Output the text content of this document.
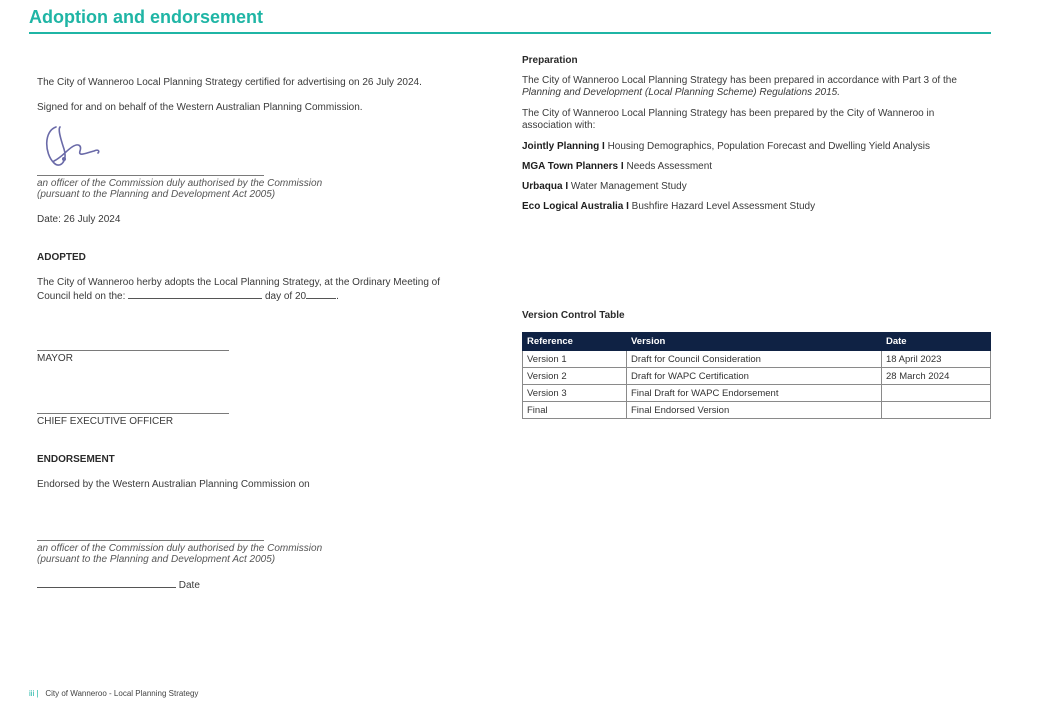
Adoption and endorsement
The City of Wanneroo Local Planning Strategy certified for advertising on 26 July 2024.
Signed for and on behalf of the Western Australian Planning Commission.
an officer of the Commission duly authorised by the Commission
(pursuant to the Planning and Development Act 2005)
Date: 26 July 2024
ADOPTED
The City of Wanneroo herby adopts the Local Planning Strategy, at the Ordinary Meeting of
Council held on the:	day of 20	.
MAYOR
CHIEF EXECUTIVE OFFICER
ENDORSEMENT
Endorsed by the Western Australian Planning Commission on
an officer of the Commission duly authorised by the Commission
(pursuant to the Planning and Development Act 2005)
Date
Preparation
The City of Wanneroo Local Planning Strategy has been prepared in accordance with Part 3 of the
Planning and Development (Local Planning Scheme) Regulations 2015.
The City of Wanneroo Local Planning Strategy has been prepared by the City of Wanneroo in
association with:
Jointly Planning I Housing Demographics, Population Forecast and Dwelling Yield Analysis
MGA Town Planners I Needs Assessment
Urbaqua I Water Management Study
Eco Logical Australia I Bushfire Hazard Level Assessment Study
Version Control Table
Reference	Version	Date
Version 1	Draft for Council Consideration	18 April 2023
Version 2	Draft for WAPC Certification	28 March 2024
Version 3	Final Draft for WAPC Endorsement	
Final	Final Endorsed Version	
iii | City of Wanneroo - Local Planning Strategy
